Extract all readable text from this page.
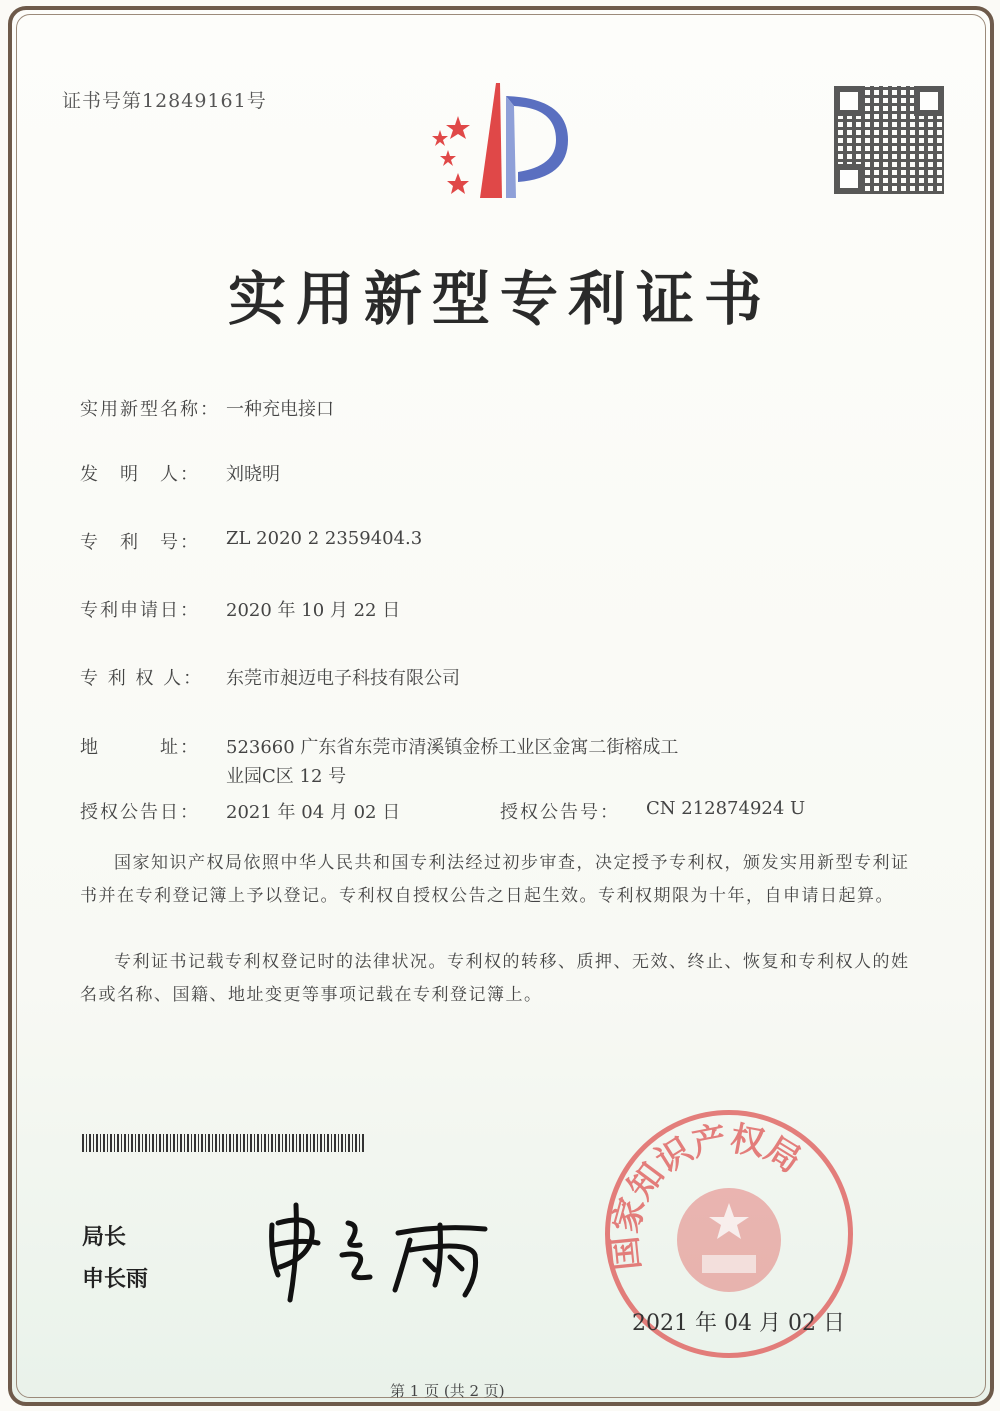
证书号第12849161号
实用新型专利证书
实用新型名称： 一种充电接口
发　明　人：	刘晓明
专　利　号：	ZL 2020 2 2359404.3
专利申请日：	2020 年 10 月 22 日
专 利 权 人：	东莞市昶迈电子科技有限公司
地　　　址：	523660 广东省东莞市清溪镇金桥工业区金寓二街榕成工
业园C区 12 号
授权公告日：	2021 年 04 月 02 日	授权公告号：	CN 212874924 U
国家知识产权局依照中华人民共和国专利法经过初步审查，决定授予专利权，颁发实用新型专利证书并在专利登记簿上予以登记。专利权自授权公告之日起生效。专利权期限为十年，自申请日起算。
专利证书记载专利权登记时的法律状况。专利权的转移、质押、无效、终止、恢复和专利权人的姓名或名称、国籍、地址变更等事项记载在专利登记簿上。
局长
申长雨
家知识产权局
2021 年 04 月 02 日
第 1 页 (共 2 页)
